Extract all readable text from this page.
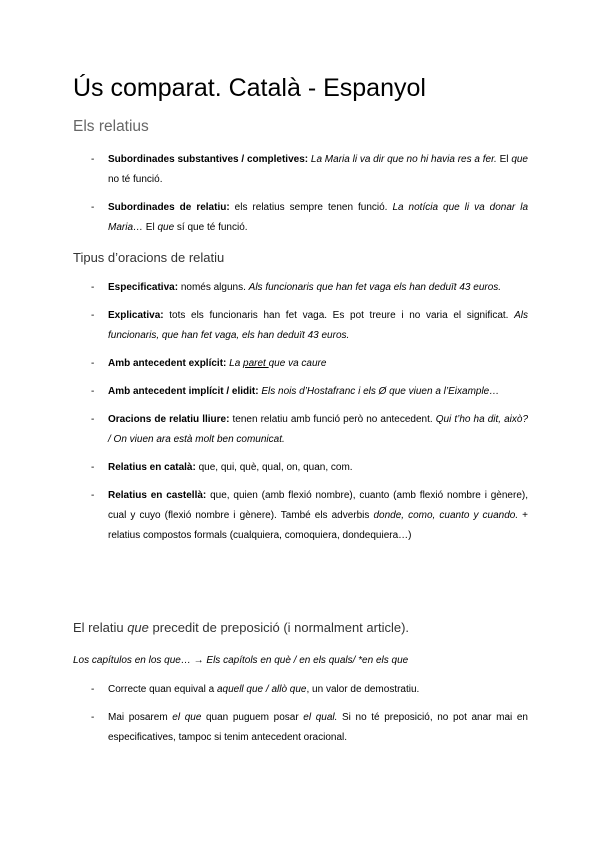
Ús comparat. Català - Espanyol
Els relatius
- Subordinades substantives / completives: La Maria li va dir que no hi havia res a fer. El que no té funció.

- Subordinades de relatiu: els relatius sempre tenen funció. La notícia que li va donar la Maria… El que sí que té funció.

Tipus d’oracions de relatiu
- Especificativa: només alguns. Als funcionaris que han fet vaga els han deduït 43 euros.

- Explicativa: tots els funcionaris han fet vaga. Es pot treure i no varia el significat. Als funcionaris, que han fet vaga, els han deduït 43 euros.

- Amb antecedent explícit: La paret que va caure

- Amb antecedent implícit / elidit: Els nois d’Hostafranc i els Ø que viuen a l’Eixample…

- Oracions de relatiu lliure: tenen relatiu amb funció però no antecedent. Qui t’ho ha dit, això? / On viuen ara està molt ben comunicat.

- Relatius en català: que, qui, què, qual, on, quan, com.

- Relatius en castellà: que, quien (amb flexió nombre), cuanto (amb flexió nombre i gènere), cual y cuyo (flexió nombre i gènere). També els adverbis donde, como, cuanto y cuando. + relatius compostos formals (cualquiera, comoquiera, dondequiera…)

El relatiu que precedit de preposició (i normalment article).

Los capítulos en los que… → Els capítols en què / en els quals/ *en els que

- Correcte quan equival a aquell que / allò que, un valor de demostratiu.

- Mai posarem el que quan puguem posar el qual. Si no té preposició, no pot anar mai en especificatives, tampoc si tenim antecedent oracional.
